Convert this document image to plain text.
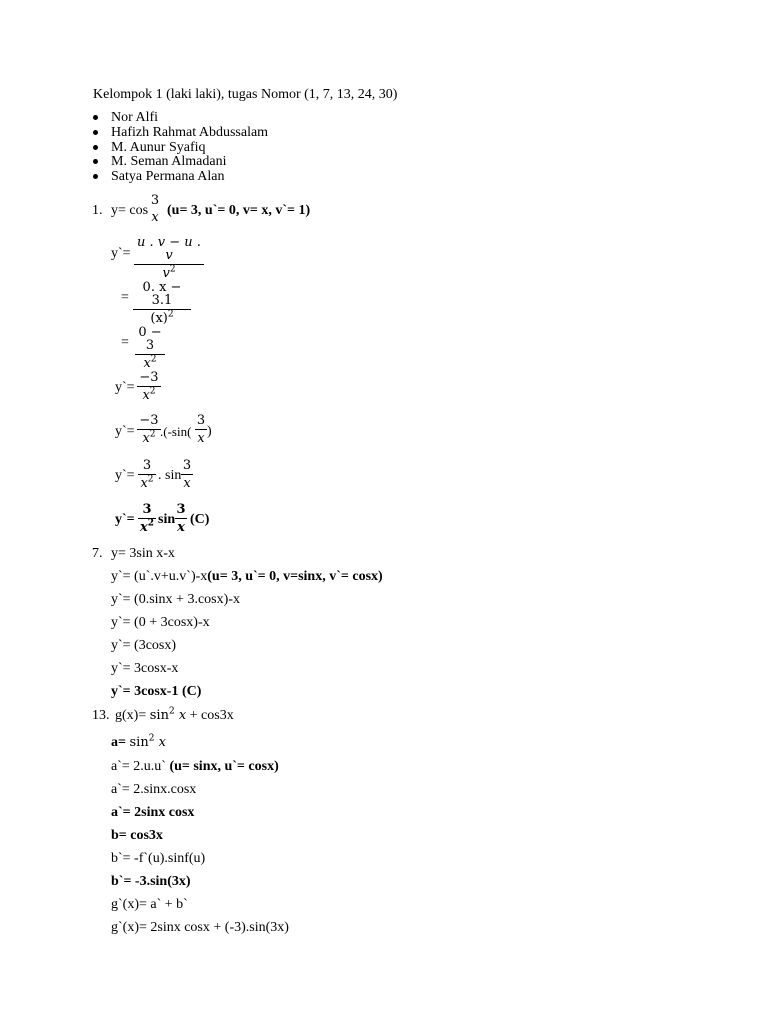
Kelompok 1 (laki laki), tugas Nomor (1, 7, 13, 24, 30)
Nor Alfi
Hafizh Rahmat Abdussalam
M. Aunur Syafiq
M. Seman Almadani
Satya Permana Alan
1. y= cos
3
x (u= 3, u`= 0, v= x, v`= 1)
y`=
u . v − u . v
$v^2$
=
0. x − 3.1
$(x)^2$
=
0 − 3
$x^2$
y`=
−3
$x^2$
y`=
−3
$x^2$ .(-sin(
3
x )
y`=
3
$x^2$ . sin
3
x
y`=
3
$x^2$ sin
3
x
(C)
7. y= 3sin x-x
y`= (u`.v+u.v`)-x(u= 3, u`= 0, v=sinx, v`= cosx)
y`= (0.sinx + 3.cosx)-x
y`= (0 + 3cosx)-x
y`= (3cosx)
y`= 3cosx-x
y`= 3cosx-1 (C)
13. $g(x)= \sin^2 x + \cos 3x$
$a= \sin^2 x$
a`= 2.u.u` (u= sinx, u`= cosx)
a`= 2.sinx.cosx
a`= 2sinx cosx
b= cos3x
b`= -f`(u).sinf(u)
b`= -3.sin(3x)
g`(x)= a` + b`
g`(x)= 2sinx cosx + (-3).sin(3x)
